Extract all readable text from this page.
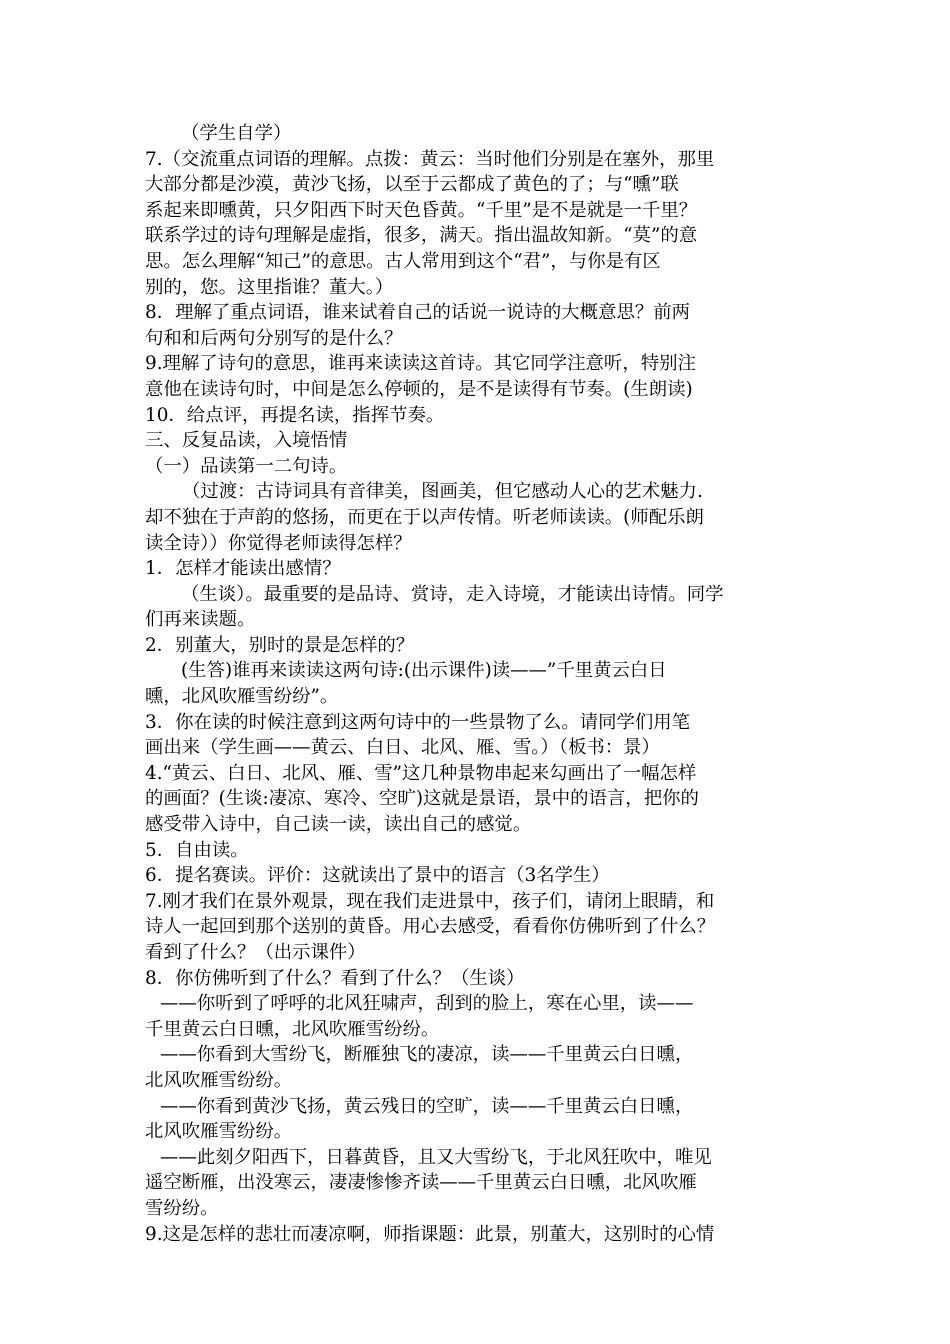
（学生自学）
7.（交流重点词语的理解。点拨：黄云：当时他们分别是在塞外，那里
大部分都是沙漠，黄沙飞扬，以至于云都成了黄色的了；与“曛”联
系起来即曛黄，只夕阳西下时天色昏黄。“千里”是不是就是一千里？
联系学过的诗句理解是虚指，很多，满天。指出温故知新。“莫”的意
思。怎么理解“知己”的意思。古人常用到这个“君”，与你是有区
别的，您。这里指谁？董大。）
8．理解了重点词语，谁来试着自己的话说一说诗的大概意思？前两
句和和后两句分别写的是什么？
9.理解了诗句的意思，谁再来读读这首诗。其它同学注意听，特别注
意他在读诗句时，中间是怎么停顿的，是不是读得有节奏。(生朗读)
10．给点评，再提名读，指挥节奏。
三、反复品读，入境悟情
（一）品读第一二句诗。
（过渡：古诗词具有音律美，图画美，但它感动人心的艺术魅力.
却不独在于声韵的悠扬，而更在于以声传情。听老师读读。(师配乐朗
读全诗））你觉得老师读得怎样？
1．怎样才能读出感情？
（生谈）。最重要的是品诗、赏诗，走入诗境，才能读出诗情。同学
们再来读题。
2．别董大，别时的景是怎样的？
(生答)谁再来读读这两句诗:(出示课件)读——”千里黄云白日
曛，北风吹雁雪纷纷”。
3．你在读的时候注意到这两句诗中的一些景物了么。请同学们用笔
画出来（学生画——黄云、白日、北风、雁、雪。）（板书：景）
4.“黄云、白日、北风、雁、雪”这几种景物串起来勾画出了一幅怎样
的画面？(生谈:凄凉、寒冷、空旷)这就是景语，景中的语言，把你的
感受带入诗中，自己读一读，读出自己的感觉。
5．自由读。
6．提名赛读。评价：这就读出了景中的语言（3名学生）
7.刚才我们在景外观景，现在我们走进景中，孩子们，请闭上眼睛，和
诗人一起回到那个送别的黄昏。用心去感受，看看你仿佛听到了什么？
看到了什么？（出示课件）
8．你仿佛听到了什么？看到了什么？（生谈）
——你听到了呼呼的北风狂啸声，刮到的脸上，寒在心里，读——
千里黄云白日曛，北风吹雁雪纷纷。
——你看到大雪纷飞，断雁独飞的凄凉，读——千里黄云白日曛，
北风吹雁雪纷纷。
——你看到黄沙飞扬，黄云残日的空旷，读——千里黄云白日曛，
北风吹雁雪纷纷。
——此刻夕阳西下，日暮黄昏，且又大雪纷飞，于北风狂吹中，唯见
遥空断雁，出没寒云，凄凄惨惨齐读——千里黄云白日曛，北风吹雁
雪纷纷。
9.这是怎样的悲壮而凄凉啊，师指课题：此景，别董大，这别时的心情
